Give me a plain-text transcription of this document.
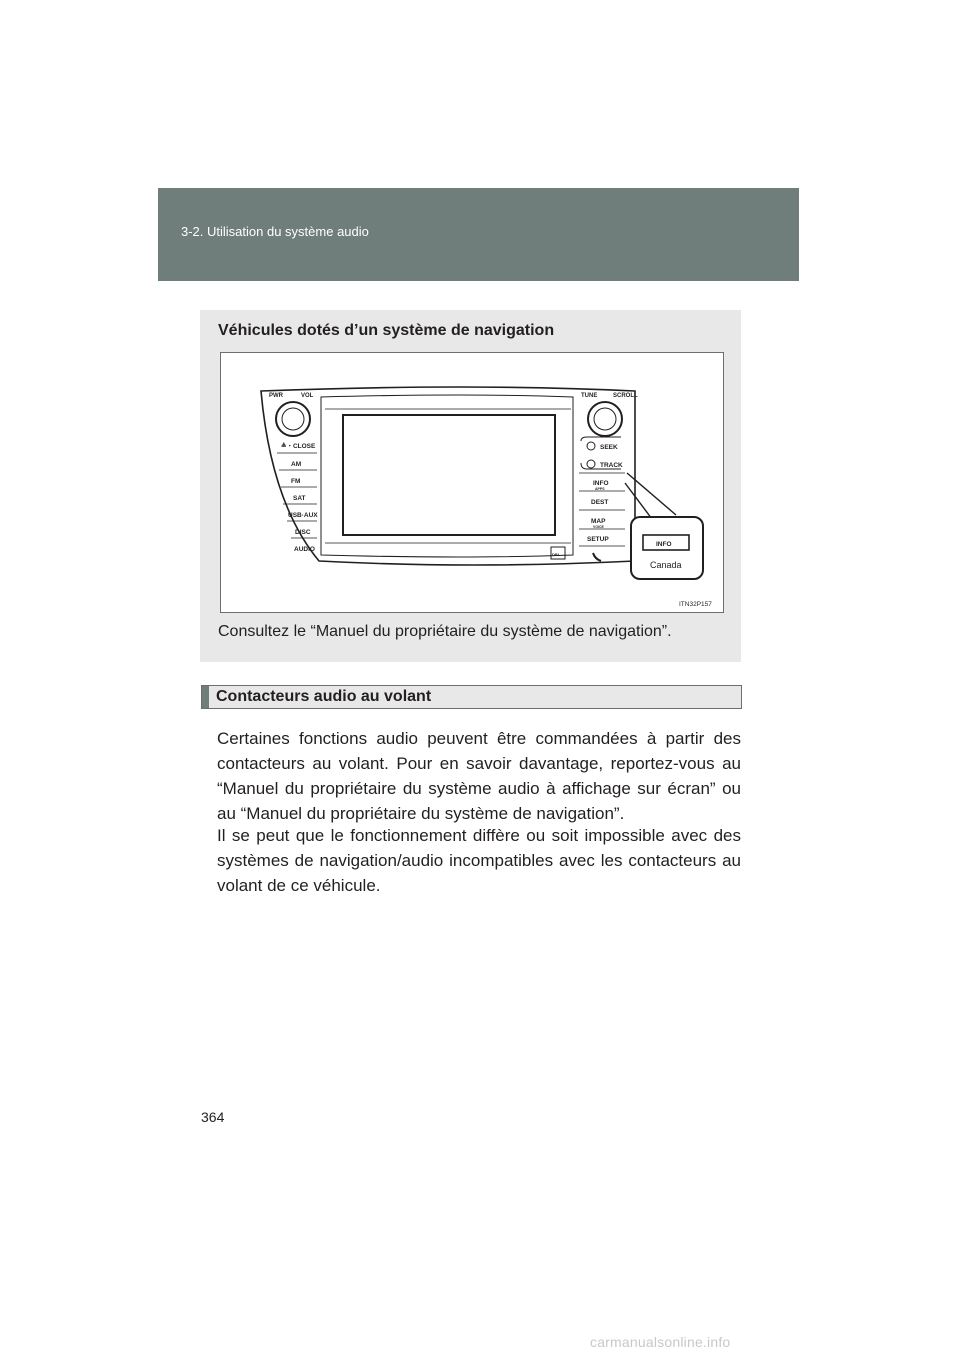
3-2. Utilisation du système audio
Véhicules dotés d’un système de navigation
PWR	VOL	TUNE	SCROLL
≜・CLOSE
AM
FM
SAT
USB·AUX
DISC
AUDIO
SEEK
TRACK
INFO
APPS
DEST
MAP
VOICE
SETUP
DBL
INFO
Canada
ITN32P157
Consultez le “Manuel du propriétaire du système de navigation”.
Contacteurs audio au volant
Certaines fonctions audio peuvent être commandées à partir des contacteurs au volant. Pour en savoir davantage, reportez-vous au “Manuel du propriétaire du système audio à affichage sur écran” ou au “Manuel du propriétaire du système de navigation”.
Il se peut que le fonctionnement diffère ou soit impossible avec des systèmes de navigation/audio incompatibles avec les contacteurs au volant de ce véhicule.
364
carmanualsonline.info
